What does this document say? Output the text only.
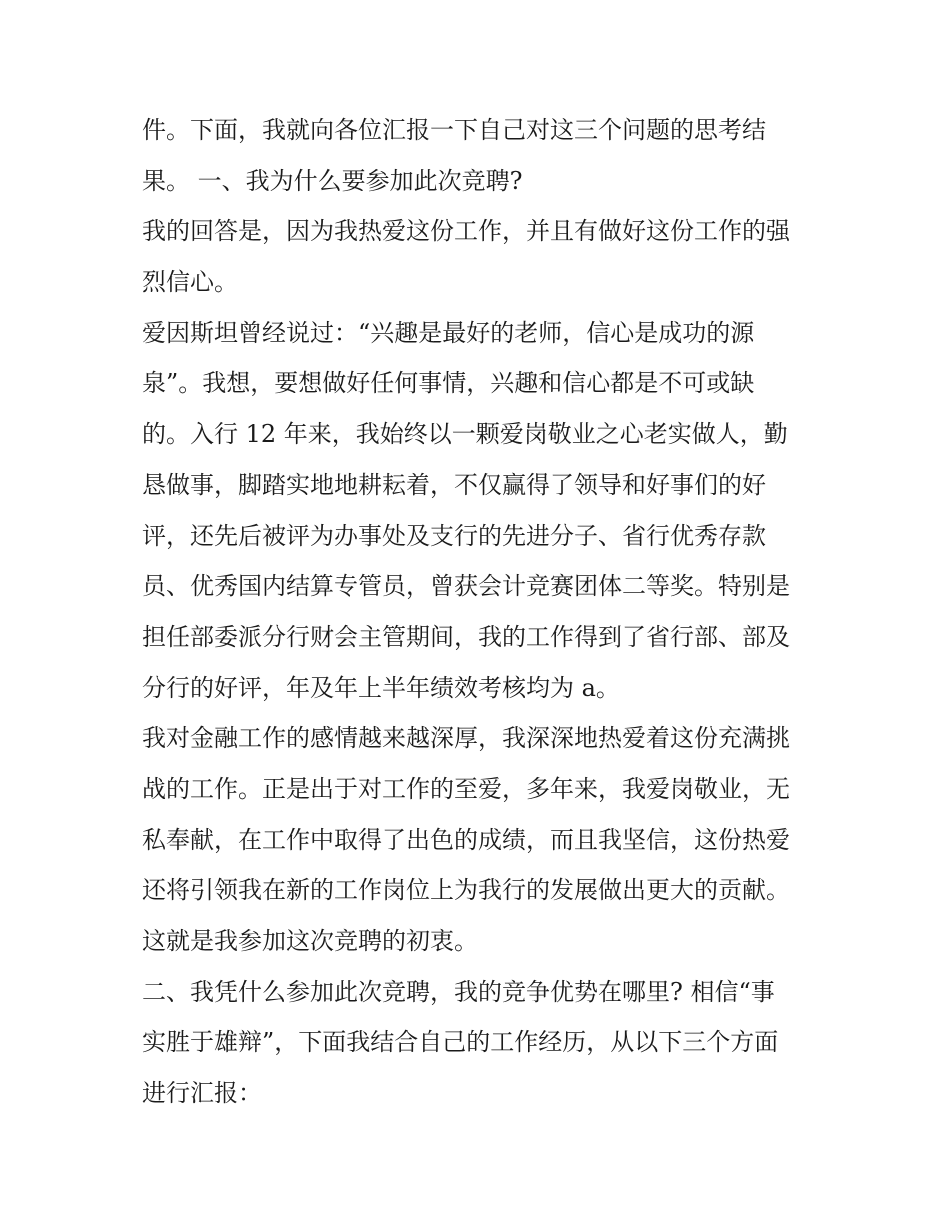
件。下面，我就向各位汇报一下自己对这三个问题的思考结
果。 一、我为什么要参加此次竞聘?
我的回答是，因为我热爱这份工作，并且有做好这份工作的强
烈信心。
爱因斯坦曾经说过：“兴趣是最好的老师，信心是成功的源
泉”。我想，要想做好任何事情，兴趣和信心都是不可或缺
的。入行 12 年来，我始终以一颗爱岗敬业之心老实做人，勤
恳做事，脚踏实地地耕耘着，不仅赢得了领导和好事们的好
评，还先后被评为办事处及支行的先进分子、省行优秀存款
员、优秀国内结算专管员，曾获会计竞赛团体二等奖。特别是
担任部委派分行财会主管期间，我的工作得到了省行部、部及
分行的好评，年及年上半年绩效考核均为 a。
我对金融工作的感情越来越深厚，我深深地热爱着这份充满挑
战的工作。正是出于对工作的至爱，多年来，我爱岗敬业，无
私奉献，在工作中取得了出色的成绩，而且我坚信，这份热爱
还将引领我在新的工作岗位上为我行的发展做出更大的贡献。
这就是我参加这次竞聘的初衷。
二、我凭什么参加此次竞聘，我的竞争优势在哪里? 相信“事
实胜于雄辩”，下面我结合自己的工作经历，从以下三个方面
进行汇报：
